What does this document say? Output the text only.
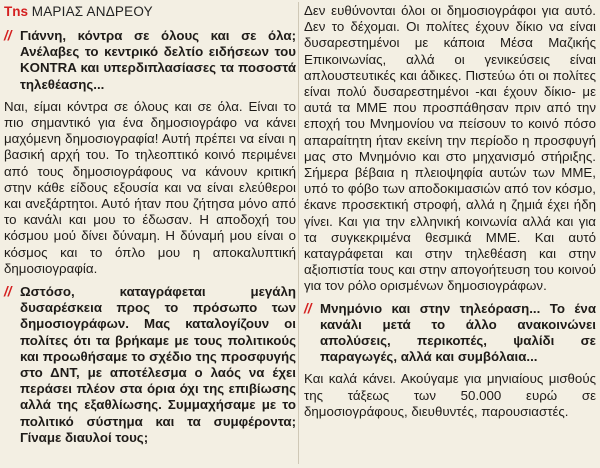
Tns ΜΑΡΙΑΣ ΑΝΔΡΕΟΥ
// Γιάννη, κόντρα σε όλους και σε όλα; Ανέλαβες το κεντρικό δελτίο ειδήσεων του KONTRA και υπερδιπλασίασες τα ποσοστά τηλεθέασης...

Ναι, είμαι κόντρα σε όλους και σε όλα. Είναι το πιο σημαντικό για ένα δημοσιογράφο να κάνει μαχόμενη δημοσιογραφία! Αυτή πρέπει να είναι η βασική αρχή του. Το τηλεοπτικό κοινό περιμένει από τους δημοσιογράφους να κάνουν κριτική στην κάθε είδους εξουσία και να είναι ελεύθεροι και ανεξάρτητοι. Αυτό ήταν που ζήτησα μόνο από το κανάλι και μου το έδωσαν. Η αποδοχή του κόσμου μού δίνει δύναμη. Η δύναμή μου είναι ο κόσμος και το όπλο μου η αποκαλυπτική δημοσιογραφία.

// Ωστόσο, καταγράφεται μεγάλη δυσαρέσκεια προς το πρόσωπο των δημοσιογράφων. Μας καταλογίζουν οι πολίτες ότι τα βρήκαμε με τους πολιτικούς και προωθήσαμε το σχέδιο της προσφυγής στο ΔΝΤ, με αποτέλεσμα ο λαός να έχει περάσει πλέον στα όρια όχι της επιβίωσης αλλά της εξαθλίωσης. Συμμαχήσαμε με το πολιτικό σύστημα και τα συμφέροντα; Γίναμε διαυλοί τους;

Δεν ευθύνονται όλοι οι δημοσιογράφοι για αυτό. Δεν το δέχομαι. Οι πολίτες έχουν δίκιο να είναι δυσαρεστημένοι με κάποια Μέσα Μαζικής Επικοινωνίας, αλλά οι γενικεύσεις είναι απλουστευτικές και άδικες. Πιστεύω ότι οι πολίτες είναι πολύ δυσαρεστημένοι -και έχουν δίκιο- με αυτά τα ΜΜΕ που προσπάθησαν πριν από την εποχή του Μνημονίου να πείσουν το κοινό πόσο απαραίτητη ήταν εκείνη την περίοδο η προσφυγή μας στο Μνημόνιο και στο μηχανισμό στήριξης. Σήμερα βέβαια η πλειοψηφία αυτών των ΜΜΕ, υπό το φόβο των αποδοκιμασιών από τον κόσμο, έκανε προσεκτική στροφή, αλλά η ζημιά έχει ήδη γίνει. Και για την ελληνική κοινωνία αλλά και για τα συγκεκριμένα θεσμικά ΜΜΕ. Και αυτό καταγράφεται και στην τηλεθέαση και στην αξιοπιστία τους και στην απογοήτευση του κοινού για τον ρόλο ορισμένων δημοσιογράφων.

// Μνημόνιο και στην τηλεόραση... Το ένα κανάλι μετά το άλλο ανακοινώνει απολύσεις, περικοπές, ψαλίδι σε παραγωγές, αλλά και συμβόλαια...

Και καλά κάνει. Ακούγαμε για μηνιαίους μισθούς της τάξεως των 50.000 ευρώ σε δημοσιογράφους, διευθυντές, παρουσιαστές.
